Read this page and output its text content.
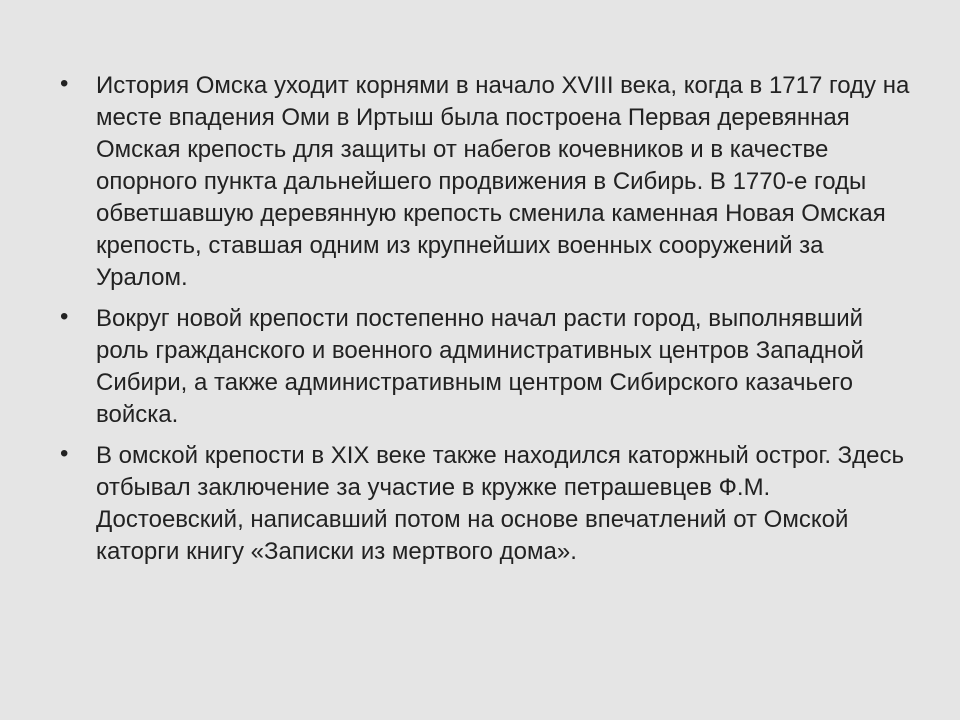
• История Омска уходит корнями в начало XVIII века, когда в 1717 году на месте впадения Оми в Иртыш была построена Первая деревянная Омская крепость для защиты от набегов кочевников и в качестве опорного пункта дальнейшего продвижения в Сибирь. В 1770-е годы обветшавшую деревянную крепость сменила каменная Новая Омская крепость, ставшая одним из крупнейших военных сооружений за Уралом.
• Вокруг новой крепости постепенно начал расти город, выполнявший роль гражданского и военного административных центров Западной Сибири, а также административным центром Сибирского казачьего войска.
• В омской крепости в XIX веке также находился каторжный острог. Здесь отбывал заключение за участие в кружке петрашевцев Ф.М. Достоевский, написавший потом на основе впечатлений от Омской каторги книгу «Записки из мертвого дома».
